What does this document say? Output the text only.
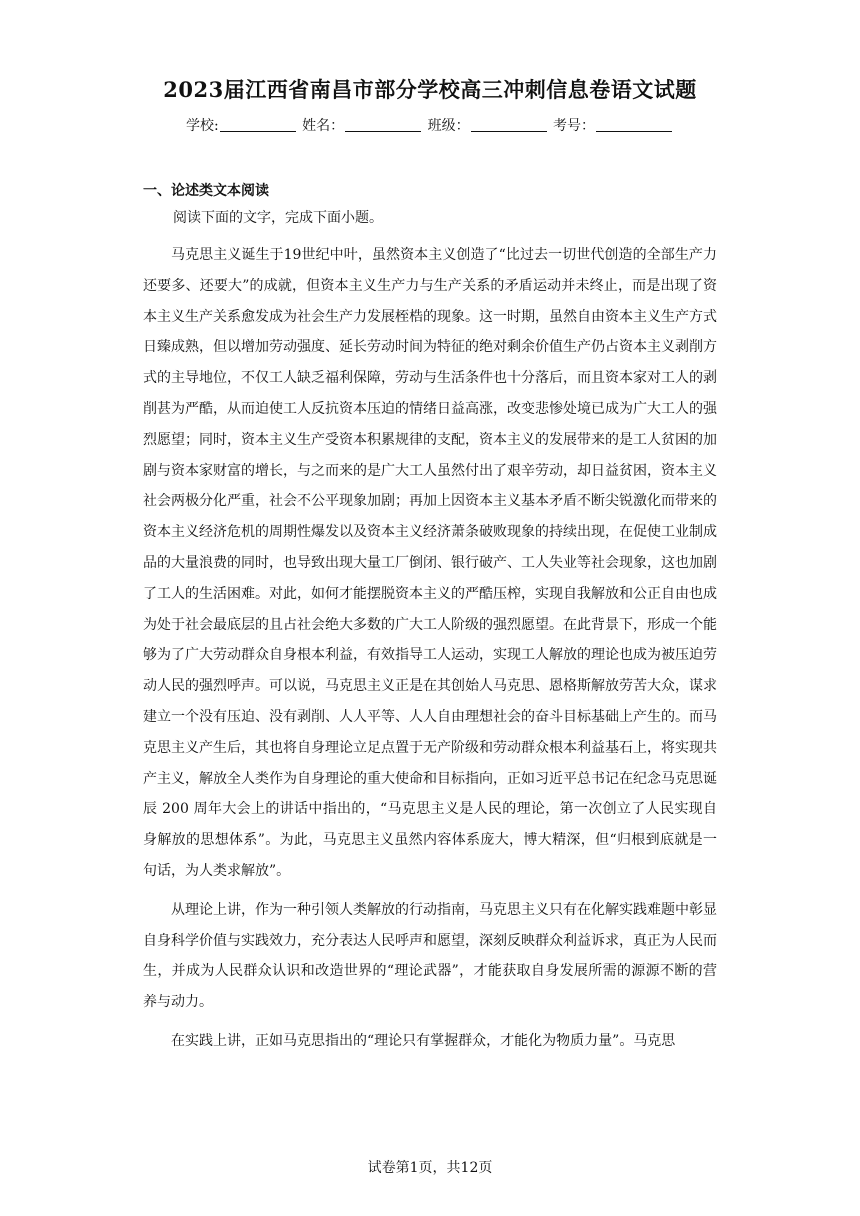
2023届江西省南昌市部分学校高三冲刺信息卷语文试题
学校:	姓名：	班级：	考号：
一、论述类文本阅读
阅读下面的文字，完成下面小题。

马克思主义诞生于19世纪中叶，虽然资本主义创造了“比过去一切世代创造的全部生产力还要多、还要大”的成就，但资本主义生产力与生产关系的矛盾运动并未终止，而是出现了资本主义生产关系愈发成为社会生产力发展桎梏的现象。这一时期，虽然自由资本主义生产方式日臻成熟，但以增加劳动强度、延长劳动时间为特征的绝对剩余价值生产仍占资本主义剥削方式的主导地位，不仅工人缺乏福利保障，劳动与生活条件也十分落后，而且资本家对工人的剥削甚为严酷，从而迫使工人反抗资本压迫的情绪日益高涨，改变悲惨处境已成为广大工人的强烈愿望；同时，资本主义生产受资本积累规律的支配，资本主义的发展带来的是工人贫困的加剧与资本家财富的增长，与之而来的是广大工人虽然付出了艰辛劳动，却日益贫困，资本主义社会两极分化严重，社会不公平现象加剧；再加上因资本主义基本矛盾不断尖锐激化而带来的资本主义经济危机的周期性爆发以及资本主义经济萧条破败现象的持续出现，在促使工业制成品的大量浪费的同时，也导致出现大量工厂倒闭、银行破产、工人失业等社会现象，这也加剧了工人的生活困难。对此，如何才能摆脱资本主义的严酷压榨，实现自我解放和公正自由也成为处于社会最底层的且占社会绝大多数的广大工人阶级的强烈愿望。在此背景下，形成一个能够为了广大劳动群众自身根本利益，有效指导工人运动，实现工人解放的理论也成为被压迫劳动人民的强烈呼声。可以说，马克思主义正是在其创始人马克思、恩格斯解放劳苦大众，谋求建立一个没有压迫、没有剥削、人人平等、人人自由理想社会的奋斗目标基础上产生的。而马克思主义产生后，其也将自身理论立足点置于无产阶级和劳动群众根本利益基石上，将实现共产主义，解放全人类作为自身理论的重大使命和目标指向，正如习近平总书记在纪念马克思诞辰 200 周年大会上的讲话中指出的，“马克思主义是人民的理论，第一次创立了人民实现自身解放的思想体系”。为此，马克思主义虽然内容体系庞大，博大精深，但“归根到底就是一句话，为人类求解放”。

从理论上讲，作为一种引领人类解放的行动指南，马克思主义只有在化解实践难题中彰显自身科学价值与实践效力，充分表达人民呼声和愿望，深刻反映群众利益诉求，真正为人民而生，并成为人民群众认识和改造世界的“理论武器”，才能获取自身发展所需的源源不断的营养与动力。

在实践上讲，正如马克思指出的“理论只有掌握群众，才能化为物质力量”。马克思

试卷第1页，共12页
